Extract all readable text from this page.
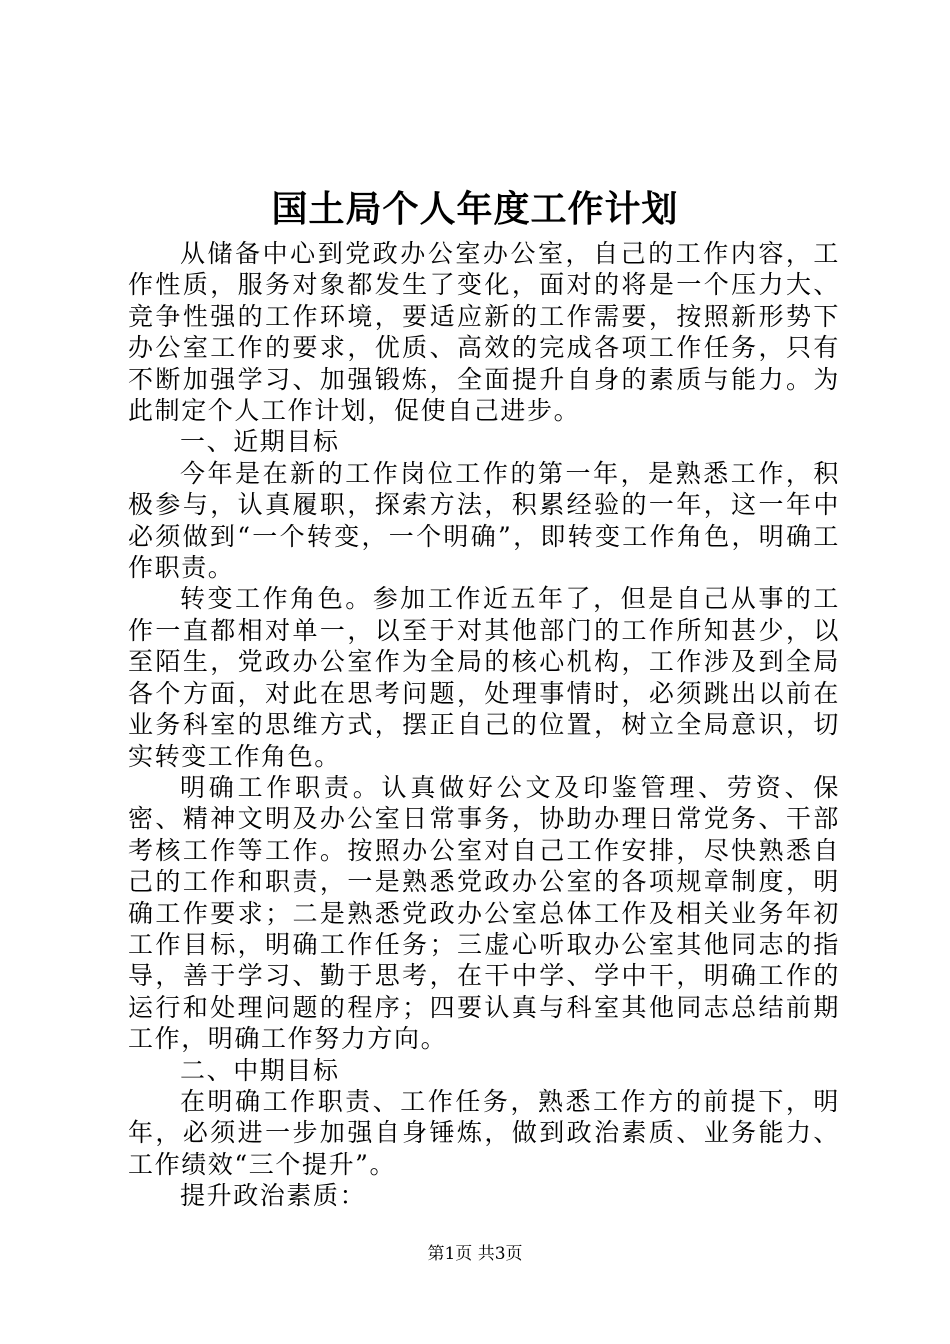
国土局个人年度工作计划

从储备中心到党政办公室办公室，自己的工作内容，工作性质，服务对象都发生了变化，面对的将是一个压力大、竞争性强的工作环境，要适应新的工作需要，按照新形势下办公室工作的要求，优质、高效的完成各项工作任务，只有不断加强学习、加强锻炼，全面提升自身的素质与能力。为此制定个人工作计划，促使自己进步。

一、近期目标

今年是在新的工作岗位工作的第一年，是熟悉工作，积极参与，认真履职，探索方法，积累经验的一年，这一年中必须做到“一个转变，一个明确”，即转变工作角色，明确工作职责。

转变工作角色。参加工作近五年了，但是自己从事的工作一直都相对单一，以至于对其他部门的工作所知甚少，以至陌生，党政办公室作为全局的核心机构，工作涉及到全局各个方面，对此在思考问题，处理事情时，必须跳出以前在业务科室的思维方式，摆正自己的位置，树立全局意识，切实转变工作角色。

明确工作职责。认真做好公文及印鉴管理、劳资、保密、精神文明及办公室日常事务，协助办理日常党务、干部考核工作等工作。按照办公室对自己工作安排，尽快熟悉自己的工作和职责，一是熟悉党政办公室的各项规章制度，明确工作要求；二是熟悉党政办公室总体工作及相关业务年初工作目标，明确工作任务；三虚心听取办公室其他同志的指导，善于学习、勤于思考，在干中学、学中干，明确工作的运行和处理问题的程序；四要认真与科室其他同志总结前期工作，明确工作努力方向。

二、中期目标

在明确工作职责、工作任务，熟悉工作方的前提下，明年，必须进一步加强自身锤炼，做到政治素质、业务能力、工作绩效“三个提升”。

提升政治素质：

第1页 共3页
